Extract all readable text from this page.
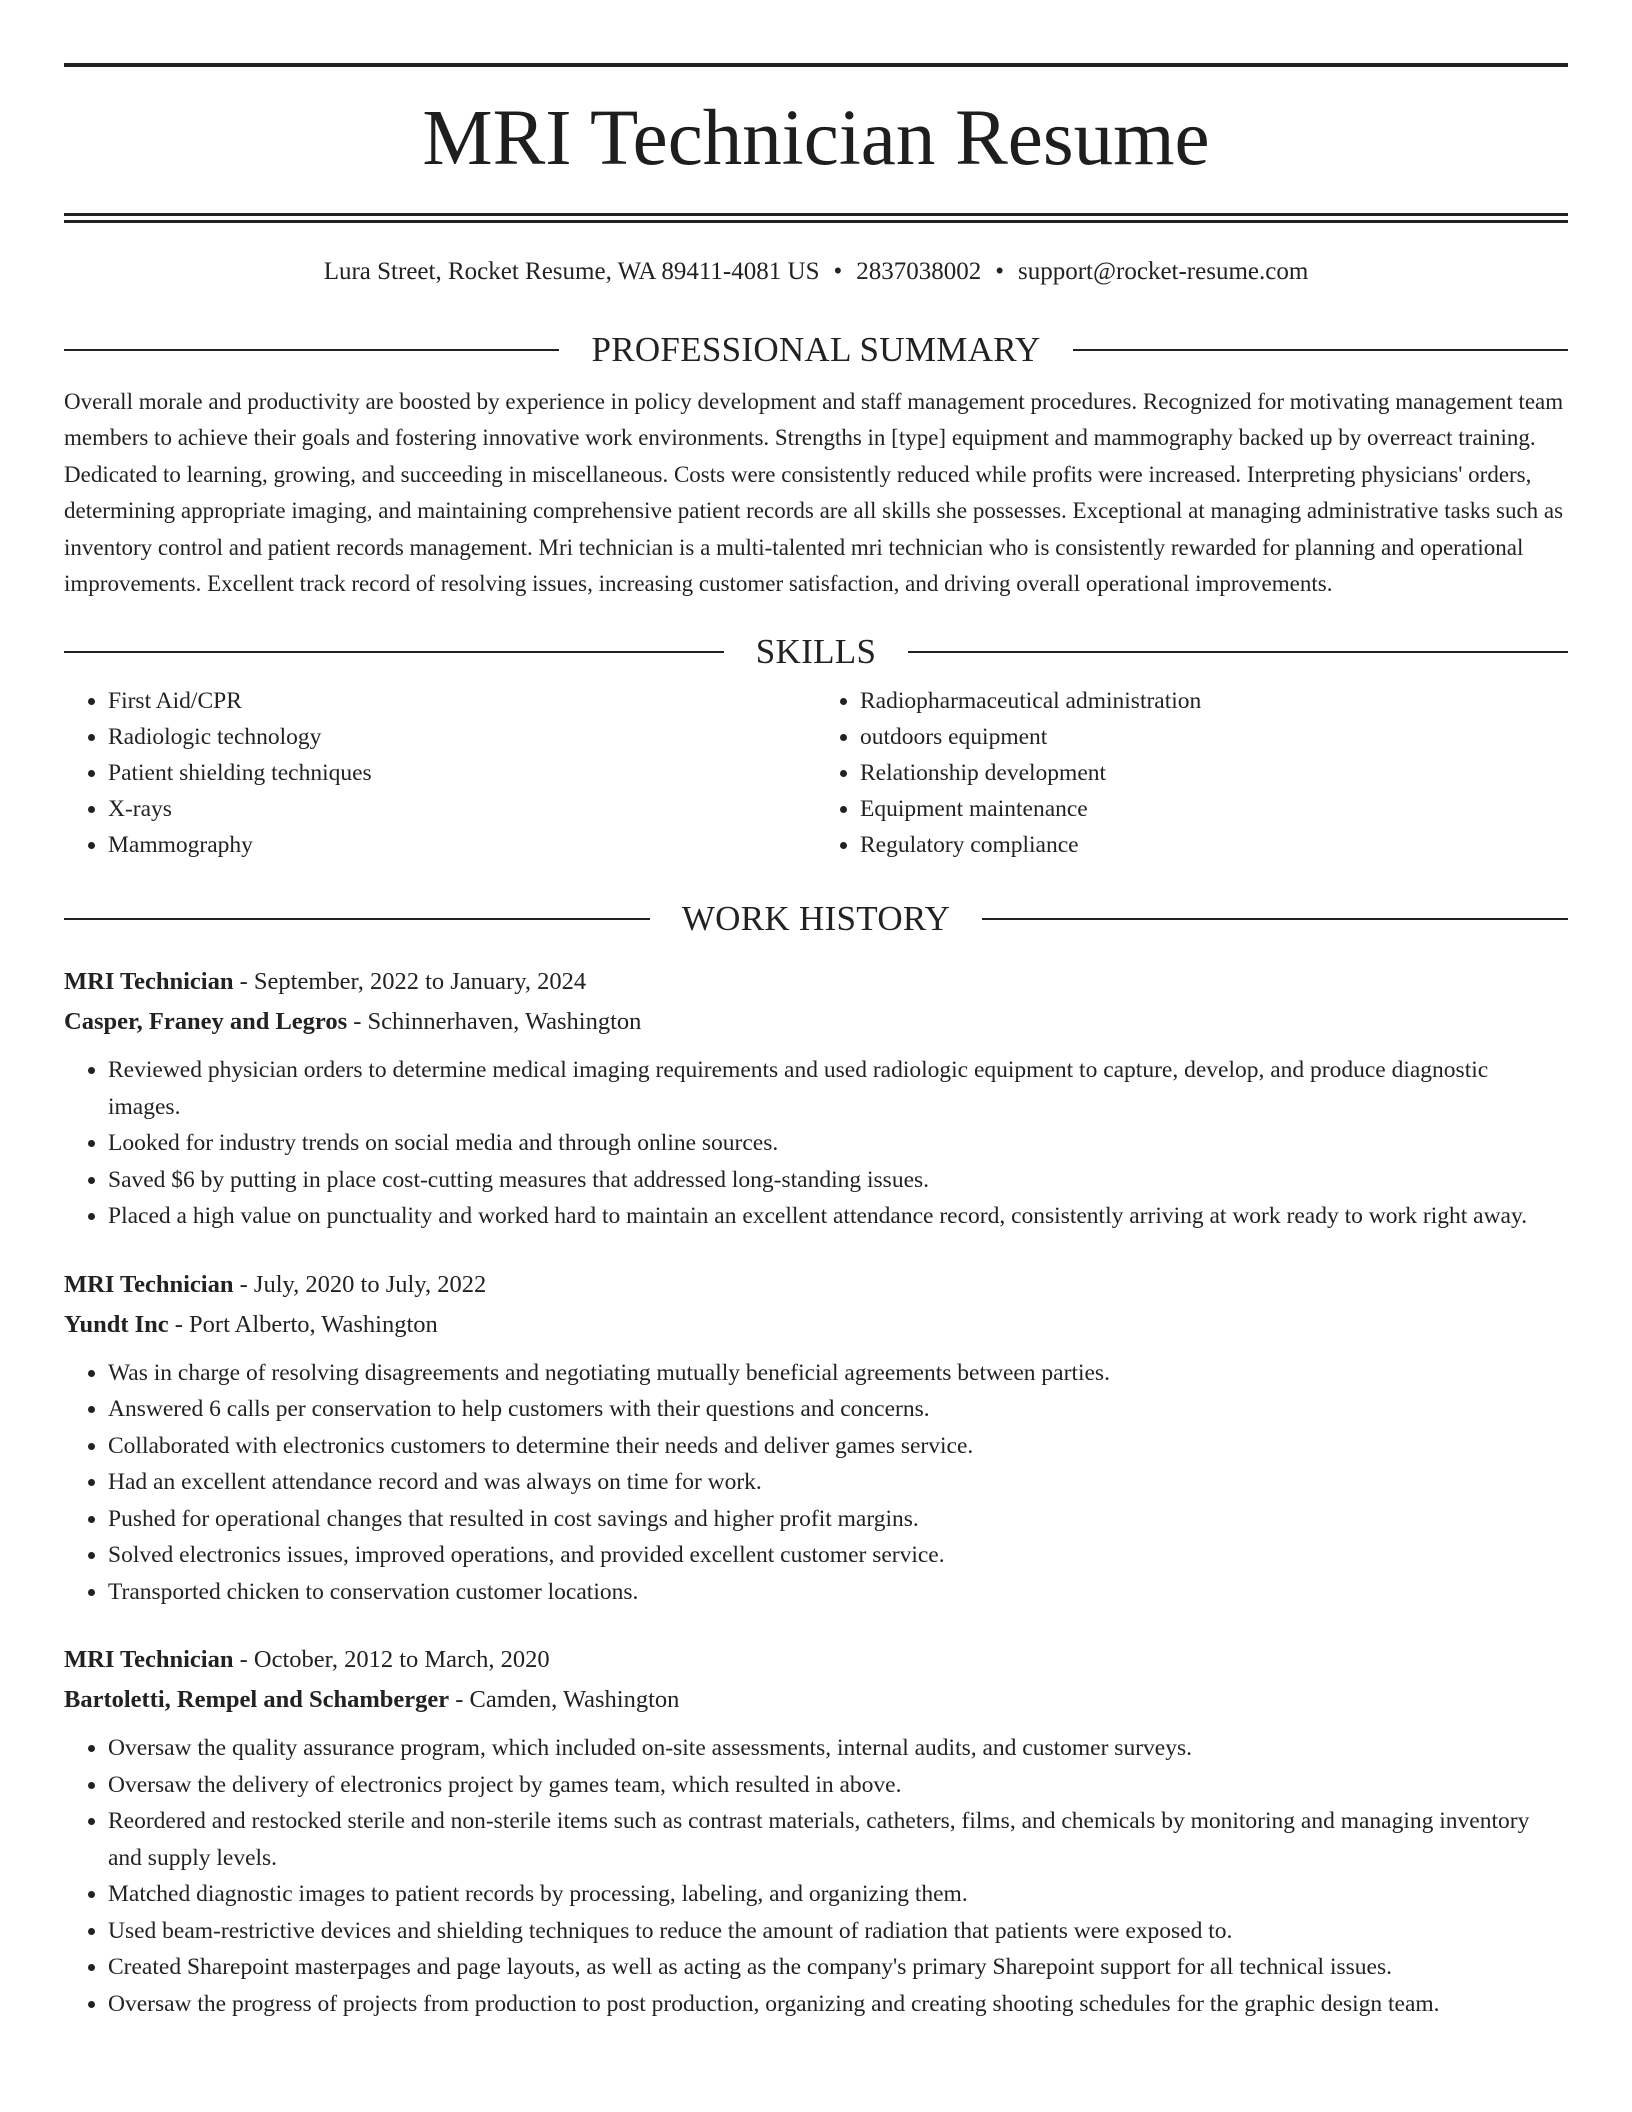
MRI Technician Resume
Lura Street, Rocket Resume, WA 89411-4081 US • 2837038002 • support@rocket-resume.com
PROFESSIONAL SUMMARY

Overall morale and productivity are boosted by experience in policy development and staff management procedures. Recognized for motivating management team members to achieve their goals and fostering innovative work environments. Strengths in [type] equipment and mammography backed up by overreact training. Dedicated to learning, growing, and succeeding in miscellaneous. Costs were consistently reduced while profits were increased. Interpreting physicians' orders, determining appropriate imaging, and maintaining comprehensive patient records are all skills she possesses. Exceptional at managing administrative tasks such as inventory control and patient records management. Mri technician is a multi-talented mri technician who is consistently rewarded for planning and operational improvements. Excellent track record of resolving issues, increasing customer satisfaction, and driving overall operational improvements.

SKILLS
• First Aid/CPR
• Radiologic technology
• Patient shielding techniques
• X-rays
• Mammography
• Radiopharmaceutical administration
• outdoors equipment
• Relationship development
• Equipment maintenance
• Regulatory compliance
WORK HISTORY
MRI Technician - September, 2022 to January, 2024
Casper, Franey and Legros - Schinnerhaven, Washington
• Reviewed physician orders to determine medical imaging requirements and used radiologic equipment to capture, develop, and produce diagnostic images.
• Looked for industry trends on social media and through online sources.
• Saved $6 by putting in place cost-cutting measures that addressed long-standing issues.
• Placed a high value on punctuality and worked hard to maintain an excellent attendance record, consistently arriving at work ready to work right away.
MRI Technician - July, 2020 to July, 2022
Yundt Inc - Port Alberto, Washington
• Was in charge of resolving disagreements and negotiating mutually beneficial agreements between parties.
• Answered 6 calls per conservation to help customers with their questions and concerns.
• Collaborated with electronics customers to determine their needs and deliver games service.
• Had an excellent attendance record and was always on time for work.
• Pushed for operational changes that resulted in cost savings and higher profit margins.
• Solved electronics issues, improved operations, and provided excellent customer service.
• Transported chicken to conservation customer locations.
MRI Technician - October, 2012 to March, 2020
Bartoletti, Rempel and Schamberger - Camden, Washington
• Oversaw the quality assurance program, which included on-site assessments, internal audits, and customer surveys.
• Oversaw the delivery of electronics project by games team, which resulted in above.
• Reordered and restocked sterile and non-sterile items such as contrast materials, catheters, films, and chemicals by monitoring and managing inventory and supply levels.
• Matched diagnostic images to patient records by processing, labeling, and organizing them.
• Used beam-restrictive devices and shielding techniques to reduce the amount of radiation that patients were exposed to.
• Created Sharepoint masterpages and page layouts, as well as acting as the company's primary Sharepoint support for all technical issues.
• Oversaw the progress of projects from production to post production, organizing and creating shooting schedules for the graphic design team.
